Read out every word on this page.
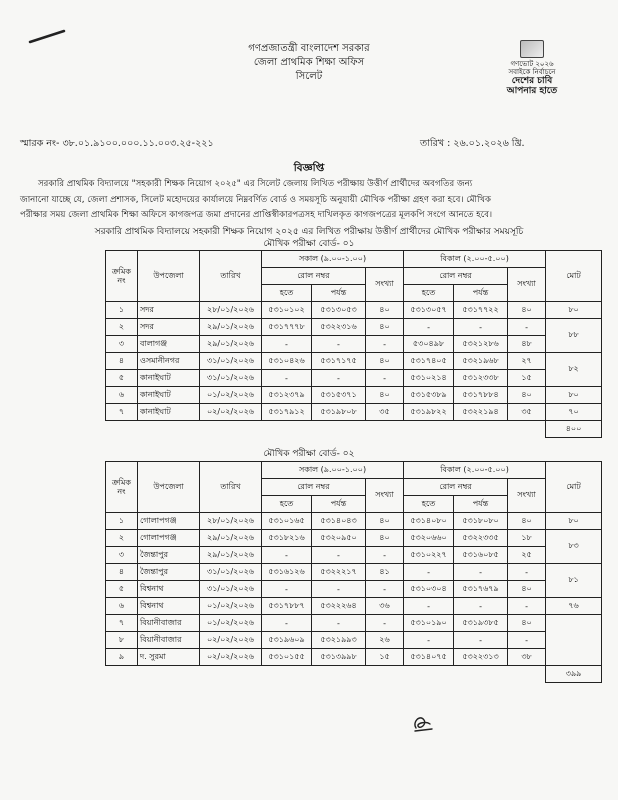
গণপ্রজাতন্ত্রী বাংলাদেশ সরকার
জেলা প্রাথমিক শিক্ষা অফিস
সিলেট
গণভোট ২০২৬
সবাইকে নির্বাচনে
দেশের চাবি
আপনার হাতে
স্মারক নং- ৩৮.০১.৯১০০.০০০.১১.০০৩.২৫-২২১	তারিখ : ২৬.০১.২০২৬ খ্রি.
বিজ্ঞপ্তি
সরকারি প্রাথমিক বিদ্যালয়ে "সহকারী শিক্ষক নিয়োগ ২০২৫" এর সিলেট জেলায় লিখিত পরীক্ষায় উত্তীর্ণ প্রার্থীদের অবগতির জন্য
জানানো যাচ্ছে যে, জেলা প্রশাসক, সিলেট মহোদয়ের কার্যালয়ে নিম্নবর্ণিত বোর্ড ও সময়সূচি অনুযায়ী মৌখিক পরীক্ষা গ্রহণ করা হবে। মৌখিক
পরীক্ষার সময় জেলা প্রাথমিক শিক্ষা অফিসে কাগজপত্র জমা প্রদানের প্রাপ্তিস্বীকারপত্রসহ দাখিলকৃত কাগজপত্রের মূলকপি সংগে আনতে হবে।
সরকারি প্রাথমিক বিদ্যালয়ে সহকারী শিক্ষক নিয়োগ ২০২৫ এর লিখিত পরীক্ষায় উত্তীর্ণ প্রার্থীদের মৌখিক পরীক্ষার সময়সূচি
মৌখিক পরীক্ষা বোর্ড- ০১
ক্রমিক নং	উপজেলা	তারিখ	সকাল (৯.০০-১.০০)			বিকাল (২.০০-৫.০০)			মোট
			রোল নম্বর		সংখ্যা	রোল নম্বর		সংখ্যা	
			হতে	পর্যন্ত		হতে	পর্যন্ত		
১	সদর	২৮/০১/২০২৬	৫৩১০১০২	৫৩১৩০৫৩	৪০	৫৩১৩০৫৭	৫৩১৭৭২২	৪০	৮০
২	সদর	২৯/০১/২০২৬	৫৩১৭৭৭৮	৫৩২২৩১৬	৪০	-	-	-	৮৮
৩	বালাগঞ্জ	২৯/০১/২০২৬	-	-	-	৫৩০৪৯৮	৫৩২১২৮৬	৪৮	
৪	ওসমানীনগর	৩১/০১/২০২৬	৫৩১০৪২৬	৫৩১৭১৭৫	৪০	৫৩১৭৪০৫	৫৩২১৯৬৮	২৭	৮২
৫	কানাইঘাট	৩১/০১/২০২৬	-	-	-	৫৩১০২১৪	৫৩১২৩৩৮	১৫	
৬	কানাইঘাট	০১/০২/২০২৬	৫৩১২৩৭৯	৫৩১৫৩৭১	৪০	৫৩১৫৩৮৯	৫৩১৭৮৮৪	৪০	৮০
৭	কানাইঘাট	০২/০২/২০২৬	৫৩১৭৯১২	৫৩১৯৮০৮	৩৫	৫৩১৯৮২২	৫৩২২১৯৪	৩৫	৭০
									৪০০
মৌখিক পরীক্ষা বোর্ড- ০২
ক্রমিক নং	উপজেলা	তারিখ	সকাল (৯.০০-১.০০)			বিকাল (২.০০-৫.০০)			মোট
			রোল নম্বর		সংখ্যা	রোল নম্বর		সংখ্যা	
			হতে	পর্যন্ত		হতে	পর্যন্ত		
১	গোলাপগঞ্জ	২৮/০১/২০২৬	৫৩১০১৬৫	৫৩১৪০৪৩	৪০	৫৩১৪০৮০	৫৩১৮০৮০	৪০	৮০
২	গোলাপগঞ্জ	২৯/০১/২০২৬	৫৩১৮২১৬	৫৩২০৯৫০	৪০	৫৩২০৬৬০	৫৩২২৩৩৫	১৮	৮৩
৩	জৈন্তাপুর	২৯/০১/২০২৬	-	-	-	৫৩১০২২৭	৫৩১৬০৮৫	২৫	
৪	জৈন্তাপুর	৩১/০১/২০২৬	৫৩১৬১২৬	৫৩২২২১৭	৪১	-	-	-	৮১
৫	বিশ্বনাথ	৩১/০১/২০২৬	-	-	-	৫৩১০৩০৪	৫৩১৭৬৭৯	৪০	
৬	বিশ্বনাথ	০১/০২/২০২৬	৫৩১৭৮৮৭	৫৩২২২৬৪	৩৬	-	-	-	৭৬
৭	বিয়ানীবাজার	০১/০২/২০২৬	-	-	-	৫৩১০১৯০	৫৩১৯৩৮৫	৪০	
৮	বিয়ানীবাজার	০২/০২/২০২৬	৫৩১৯৬০৯	৫৩২১৯৯৩	২৬	-	-	-	
৯	দ. সুরমা	০২/০২/২০২৬	৫৩১০১৫৫	৫৩১৩৯৯৮	১৫	৫৩১৪০৭৫	৫৩২২৩১৩	৩৮	
									৩৯৯
